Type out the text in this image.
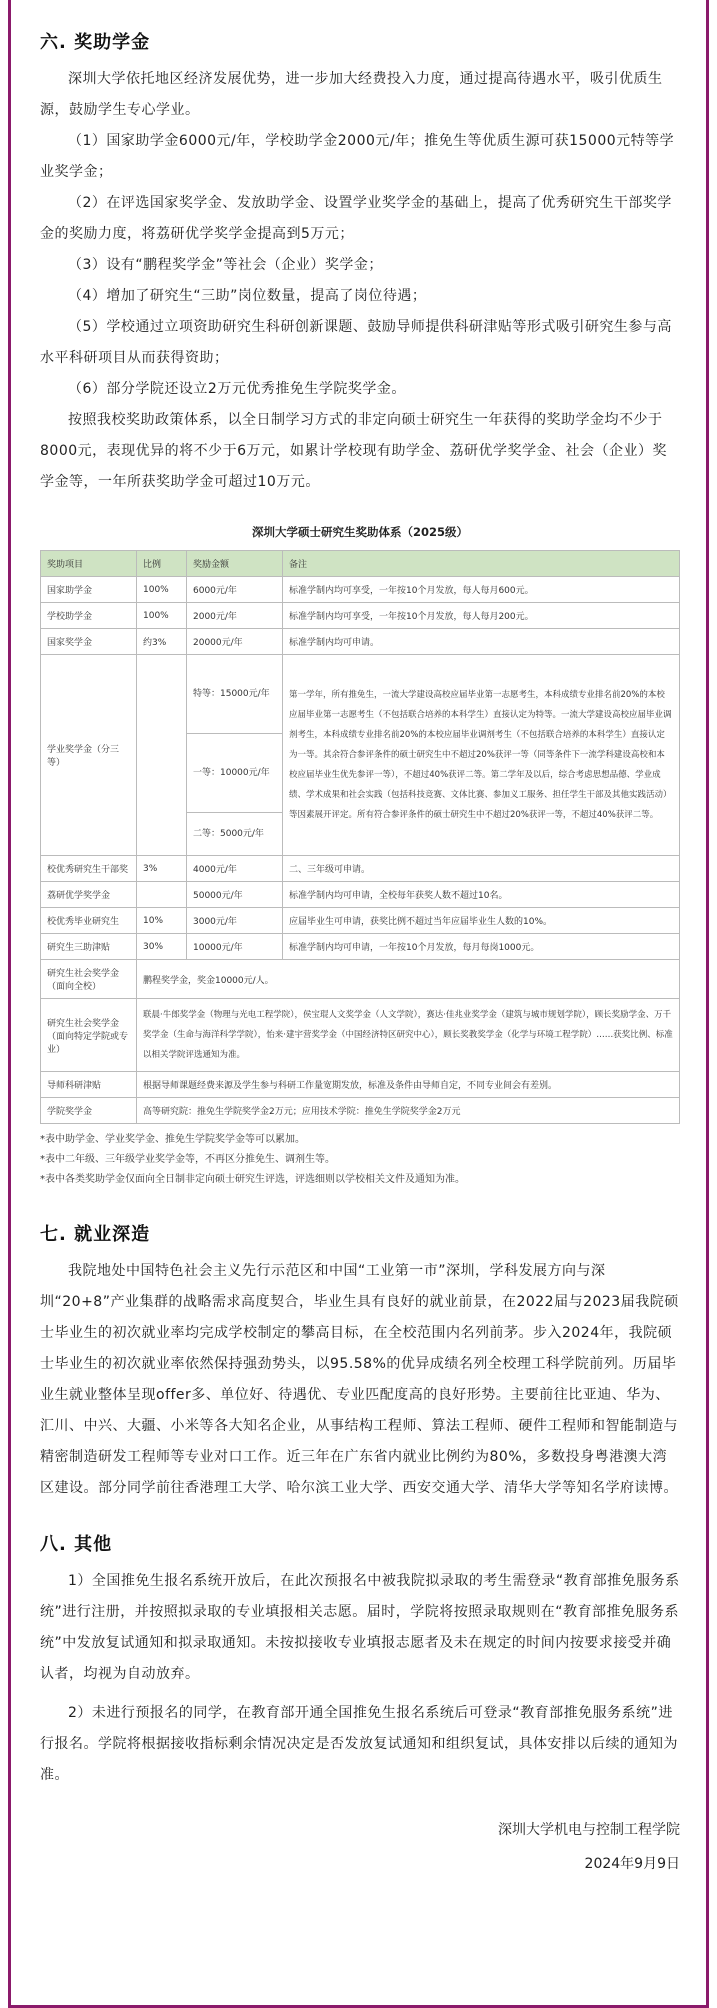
六. 奖助学金

深圳大学依托地区经济发展优势，进一步加大经费投入力度，通过提高待遇水平，吸引优质生源，鼓励学生专心学业。

（1）国家助学金6000元/年，学校助学金2000元/年；推免生等优质生源可获15000元特等学业奖学金；

（2）在评选国家奖学金、发放助学金、设置学业奖学金的基础上，提高了优秀研究生干部奖学金的奖励力度，将荔研优学奖学金提高到5万元；

（3）设有“鹏程奖学金”等社会（企业）奖学金；

（4）增加了研究生“三助”岗位数量，提高了岗位待遇；

（5）学校通过立项资助研究生科研创新课题、鼓励导师提供科研津贴等形式吸引研究生参与高水平科研项目从而获得资助；

（6）部分学院还设立2万元优秀推免生学院奖学金。

按照我校奖助政策体系，以全日制学习方式的非定向硕士研究生一年获得的奖助学金均不少于8000元，表现优异的将不少于6万元，如累计学校现有助学金、荔研优学奖学金、社会（企业）奖学金等，一年所获奖助学金可超过10万元。

深圳大学硕士研究生奖助体系（2025级）
奖助项目	比例	奖励金额	备注
国家助学金	100%	6000元/年	标准学制内均可享受，一年按10个月发放，每人每月600元。
学校助学金	100%	2000元/年	标准学制内均可享受，一年按10个月发放，每人每月200元。
国家奖学金	约3%	20000元/年	标准学制内均可申请。
学业奖学金（分三等）		特等：15000元/年	第一学年，所有推免生，一流大学建设高校应届毕业第一志愿考生，本科成绩专业排名前20%的本校应届毕业第一志愿考生（不包括联合培养的本科学生）直接认定为特等。一流大学建设高校应届毕业调剂考生，本科成绩专业排名前20%的本校应届毕业调剂考生（不包括联合培养的本科学生）直接认定为一等。其余符合参评条件的硕士研究生中不超过20%获评一等（同等条件下一流学科建设高校和本校应届毕业生优先参评一等），不超过40%获评二等。第二学年及以后，综合考虑思想品德、学业成绩、学术成果和社会实践（包括科技竞赛、文体比赛、参加义工服务、担任学生干部及其他实践活动）等因素展开评定。所有符合参评条件的硕士研究生中不超过20%获评一等，不超过40%获评二等。
		一等：10000元/年	
		二等：5000元/年	
校优秀研究生干部奖	3%	4000元/年	二、三年级可申请。
荔研优学奖学金		50000元/年	标准学制内均可申请，全校每年获奖人数不超过10名。
校优秀毕业研究生	10%	3000元/年	应届毕业生可申请，获奖比例不超过当年应届毕业生人数的10%。
研究生三助津贴	30%	10000元/年	标准学制内均可申请，一年按10个月发放，每月每岗1000元。
研究生社会奖学金（面向全校）	鹏程奖学金，奖金10000元/人。		
研究生社会奖学金（面向特定学院或专业）	联晨·牛郎奖学金（物理与光电工程学院），侯宝琨人文奖学金（人文学院），赛达·佳兆业奖学金（建筑与城市规划学院），顾长奖励学金、万千奖学金（生命与海洋科学学院），怡来·建宇营奖学金（中国经济特区研究中心），顾长奖教奖学金（化学与环境工程学院）……获奖比例、标准以相关学院评选通知为准。		
导师科研津贴	根据导师课题经费来源及学生参与科研工作量宽期发放，标准及条件由导师自定，不同专业间会有差别。		
学院奖学金	高等研究院：推免生学院奖学金2万元；应用技术学院：推免生学院奖学金2万元		
*表中助学金、学业奖学金、推免生学院奖学金等可以累加。
*表中二年级、三年级学业奖学金等，不再区分推免生、调剂生等。
*表中各类奖助学金仅面向全日制非定向硕士研究生评选，评选细则以学校相关文件及通知为准。
七. 就业深造

我院地处中国特色社会主义先行示范区和中国“工业第一市”深圳，学科发展方向与深圳“20+8”产业集群的战略需求高度契合，毕业生具有良好的就业前景，在2022届与2023届我院硕士毕业生的初次就业率均完成学校制定的攀高目标，在全校范围内名列前茅。步入2024年，我院硕士毕业生的初次就业率依然保持强劲势头，以95.58%的优异成绩名列全校理工科学院前列。历届毕业生就业整体呈现offer多、单位好、待遇优、专业匹配度高的良好形势。主要前往比亚迪、华为、汇川、中兴、大疆、小米等各大知名企业，从事结构工程师、算法工程师、硬件工程师和智能制造与精密制造研发工程师等专业对口工作。近三年在广东省内就业比例约为80%，多数投身粤港澳大湾区建设。部分同学前往香港理工大学、哈尔滨工业大学、西安交通大学、清华大学等知名学府读博。

八. 其他

1）全国推免生报名系统开放后，在此次预报名中被我院拟录取的考生需登录“教育部推免服务系统”进行注册，并按照拟录取的专业填报相关志愿。届时，学院将按照录取规则在“教育部推免服务系统”中发放复试通知和拟录取通知。未按拟接收专业填报志愿者及未在规定的时间内按要求接受并确认者，均视为自动放弃。

2）未进行预报名的同学，在教育部开通全国推免生报名系统后可登录“教育部推免服务系统”进行报名。学院将根据接收指标剩余情况决定是否发放复试通知和组织复试，具体安排以后续的通知为准。

深圳大学机电与控制工程学院
2024年9月9日
